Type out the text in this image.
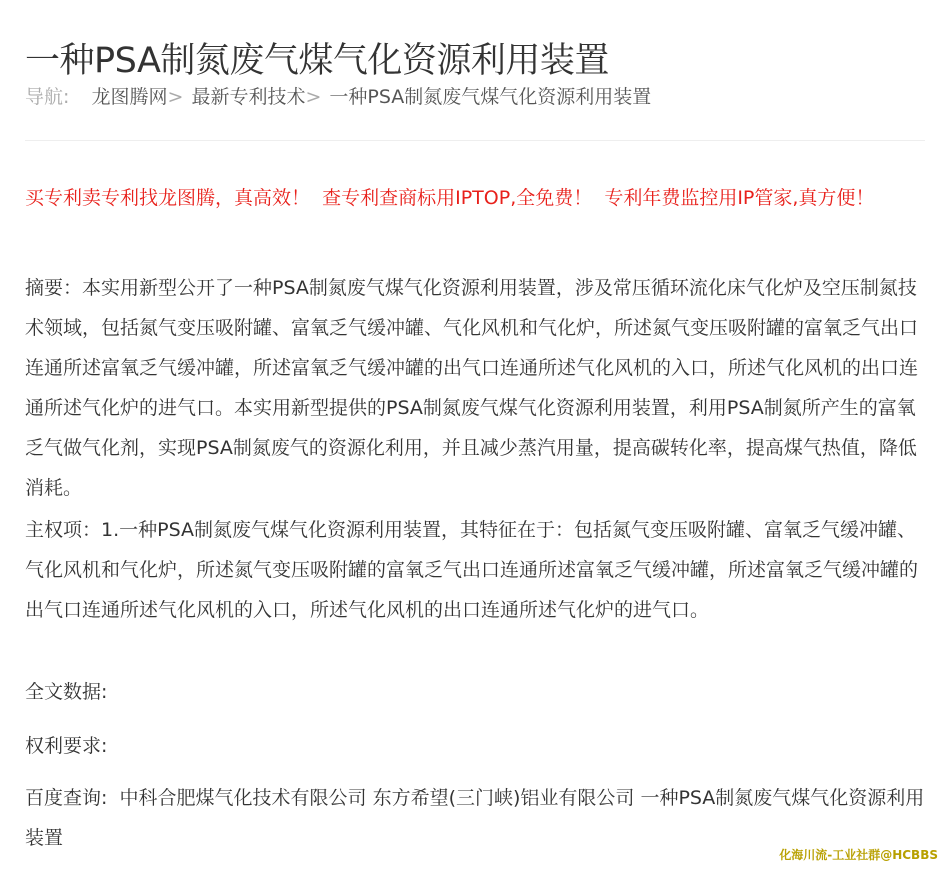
一种PSA制氮废气煤气化资源利用装置
导航: 龙图腾网> 最新专利技术> 一种PSA制氮废气煤气化资源利用装置
买专利卖专利找龙图腾，真高效！ 查专利查商标用IPTOP,全免费！ 专利年费监控用IP管家,真方便！

摘要：本实用新型公开了一种PSA制氮废气煤气化资源利用装置，涉及常压循环流化床气化炉及空压制氮技术领域，包括氮气变压吸附罐、富氧乏气缓冲罐、气化风机和气化炉，所述氮气变压吸附罐的富氧乏气出口连通所述富氧乏气缓冲罐，所述富氧乏气缓冲罐的出气口连通所述气化风机的入口，所述气化风机的出口连通所述气化炉的进气口。本实用新型提供的PSA制氮废气煤气化资源利用装置，利用PSA制氮所产生的富氧乏气做气化剂，实现PSA制氮废气的资源化利用，并且减少蒸汽用量，提高碳转化率，提高煤气热值，降低消耗。

主权项：1.一种PSA制氮废气煤气化资源利用装置，其特征在于：包括氮气变压吸附罐、富氧乏气缓冲罐、气化风机和气化炉，所述氮气变压吸附罐的富氧乏气出口连通所述富氧乏气缓冲罐，所述富氧乏气缓冲罐的出气口连通所述气化风机的入口，所述气化风机的出口连通所述气化炉的进气口。

全文数据:

权利要求:

百度查询: 中科合肥煤气化技术有限公司 东方希望(三门峡)铝业有限公司 一种PSA制氮废气煤气化资源利用装置

化海川流-工业社群@HCBBS
